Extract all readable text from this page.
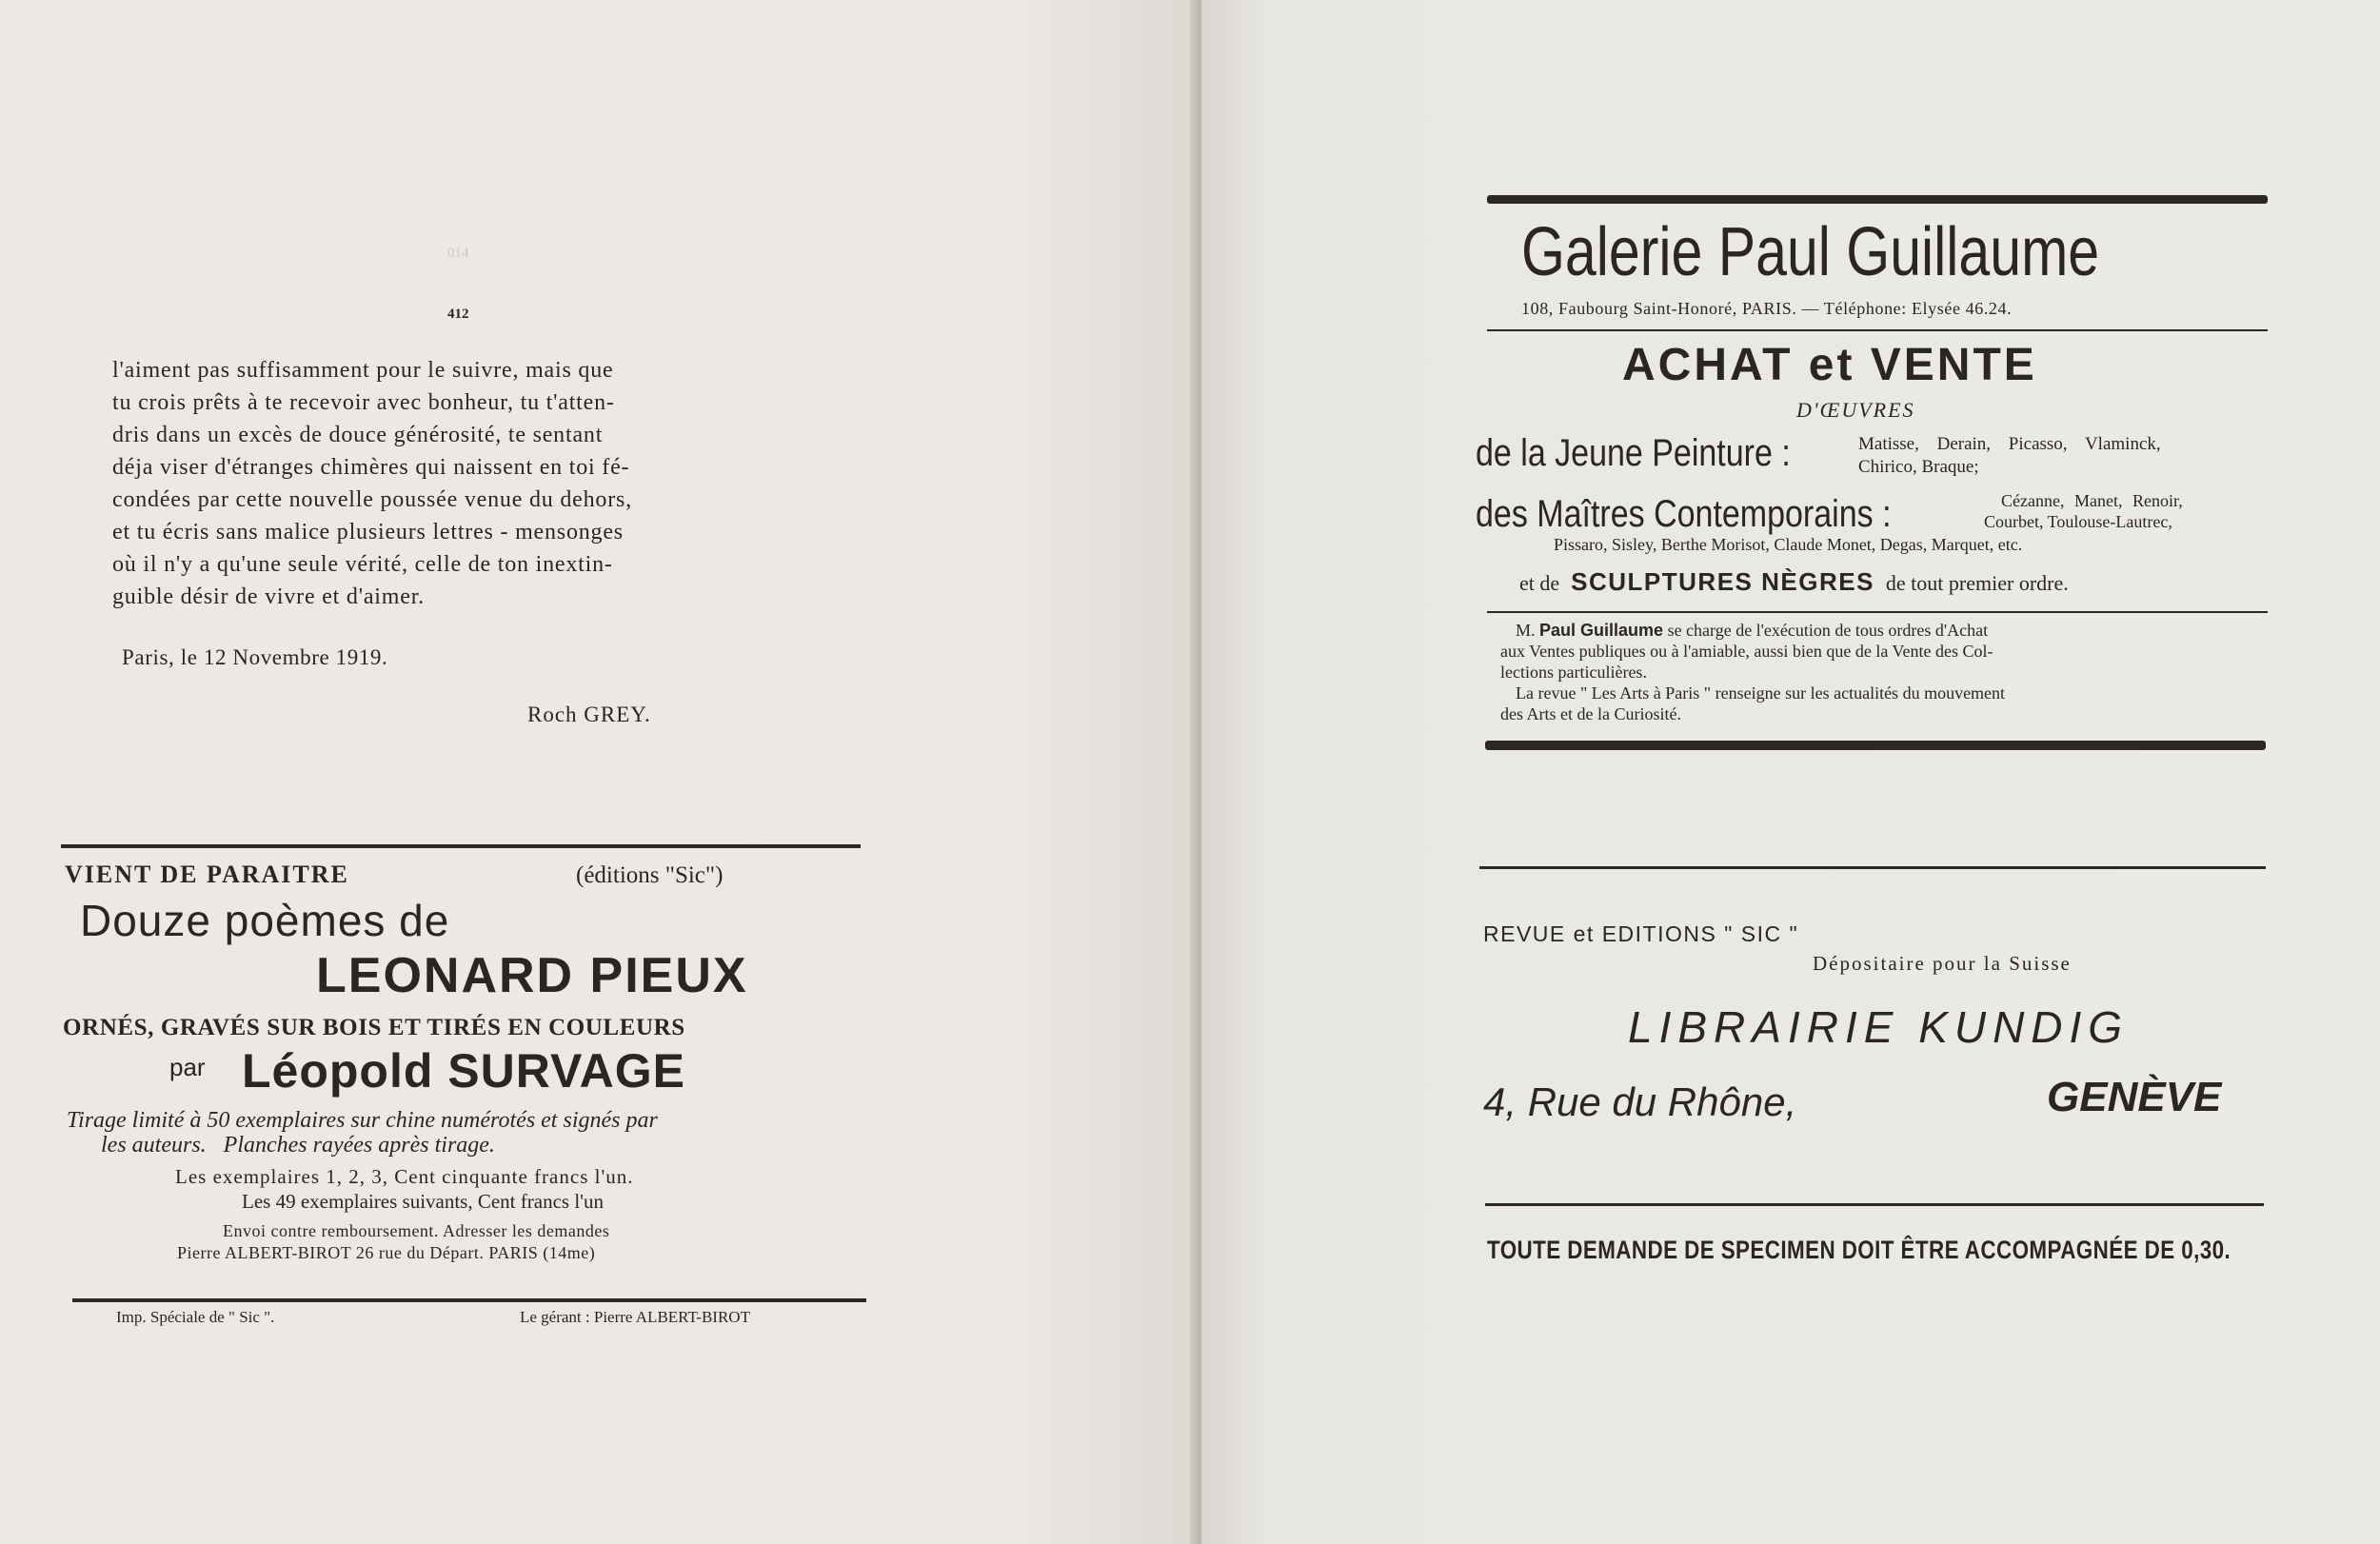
014
412
l'aiment pas suffisamment pour le suivre, mais que
tu crois prêts à te recevoir avec bonheur, tu t'atten-
dris dans un excès de douce générosité, te sentant
déja viser d'étranges chimères qui naissent en toi fé-
condées par cette nouvelle poussée venue du dehors,
et tu écris sans malice plusieurs lettres - mensonges
où il n'y a qu'une seule vérité, celle de ton inextin-
guible désir de vivre et d'aimer.
Paris, le 12 Novembre 1919.
Roch GREY.
VIENT DE PARAITRE	(éditions "Sic")
Douze poèmes de
LEONARD PIEUX
ORNÉS, GRAVÉS SUR BOIS ET TIRÉS EN COULEURS
par Léopold SURVAGE
Tirage limité à 50 exemplaires sur chine numérotés et signés par
les auteurs.   Planches rayées après tirage.
Les exemplaires 1, 2, 3, Cent cinquante francs l'un.
Les 49 exemplaires suivants, Cent francs l'un
Envoi contre remboursement. Adresser les demandes
Pierre ALBERT-BIROT 26 rue du Départ. PARIS (14me)
Imp. Spéciale de " Sic ".	Le gérant : Pierre ALBERT-BIROT
Galerie Paul Guillaume
108, Faubourg Saint-Honoré, PARIS. — Téléphone: Elysée 46.24.
ACHAT et VENTE
D'ŒUVRES
de la Jeune Peinture :	Matisse, Derain, Picasso, Vlaminck,
Chirico, Braque;
des Maîtres Contemporains :	Cézanne, Manet, Renoir,
Courbet, Toulouse-Lautrec,
Pissaro, Sisley, Berthe Morisot, Claude Monet, Degas, Marquet, etc.
et de SCULPTURES NÈGRES de tout premier ordre.
M. Paul Guillaume se charge de l'exécution de tous ordres d'Achat
aux Ventes publiques ou à l'amiable, aussi bien que de la Vente des Col-
lections particulières.
La revue " Les Arts à Paris " renseigne sur les actualités du mouvement
des Arts et de la Curiosité.
REVUE et EDITIONS " SIC "
Dépositaire pour la Suisse
LIBRAIRIE KUNDIG
4, Rue du Rhône,	GENÈVE
TOUTE DEMANDE DE SPECIMEN DOIT ÊTRE ACCOMPAGNÉE DE 0,30.
